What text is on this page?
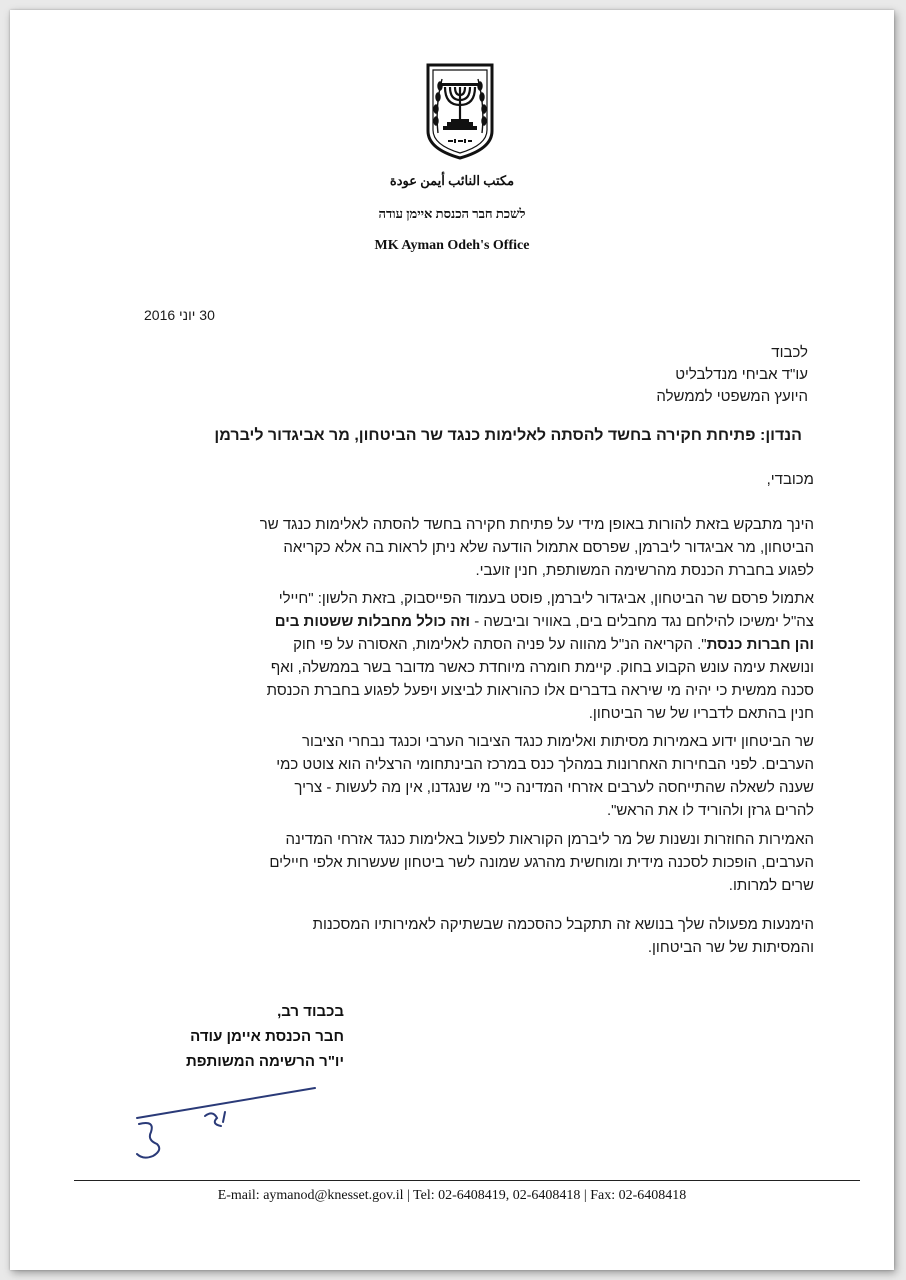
مكتب النائب أيمن عودة
לשכת חבר הכנסת איימן עודה
MK Ayman Odeh's Office
30 יוני 2016
לכבוד
עו"ד אביחי מנדלבליט
היועץ המשפטי לממשלה
הנדון: פתיחת חקירה בחשד להסתה לאלימות כנגד שר הביטחון, מר אביגדור ליברמן
מכובדי,
הינך מתבקש בזאת להורות באופן מידי על פתיחת חקירה בחשד להסתה לאלימות כנגד שר
הביטחון, מר אביגדור ליברמן, שפרסם אתמול הודעה שלא ניתן לראות בה אלא כקריאה
לפגוע בחברת הכנסת מהרשימה המשותפת, חנין זועבי.
אתמול פרסם שר הביטחון, אביגדור ליברמן, פוסט בעמוד הפייסבוק, בזאת הלשון: "חיילי
צה"ל ימשיכו להילחם נגד מחבלים בים, באוויר וביבשה - וזה כולל מחבלות ששטות בים
והן חברות כנסת". הקריאה הנ"ל מהווה על פניה הסתה לאלימות, האסורה על פי חוק
ונושאת עימה עונש הקבוע בחוק. קיימת חומרה מיוחדת כאשר מדובר בשר בממשלה, ואף
סכנה ממשית כי יהיה מי שיראה בדברים אלו כהוראות לביצוע ויפעל לפגוע בחברת הכנסת
חנין בהתאם לדבריו של שר הביטחון.
שר הביטחון ידוע באמירות מסיתות ואלימות כנגד הציבור הערבי וכנגד נבחרי הציבור
הערבים. לפני הבחירות האחרונות במהלך כנס במרכז הבינתחומי הרצליה הוא צוטט כמי
שענה לשאלה שהתייחסה לערבים אזרחי המדינה כי" מי שנגדנו, אין מה לעשות - צריך
להרים גרזן ולהוריד לו את הראש".
האמירות החוזרות ונשנות של מר ליברמן הקוראות לפעול באלימות כנגד אזרחי המדינה
הערבים, הופכות לסכנה מידית ומוחשית מהרגע שמונה לשר ביטחון שעשרות אלפי חיילים
שרים למרותו.
הימנעות מפעולה שלך בנושא זה תתקבל כהסכמה שבשתיקה לאמירותיו המסכנות
והמסיתות של שר הביטחון.
בכבוד רב,
חבר הכנסת איימן עודה
יו"ר הרשימה המשותפת
E-mail: aymanod@knesset.gov.il | Tel: 02-6408419, 02-6408418 | Fax: 02-6408418
